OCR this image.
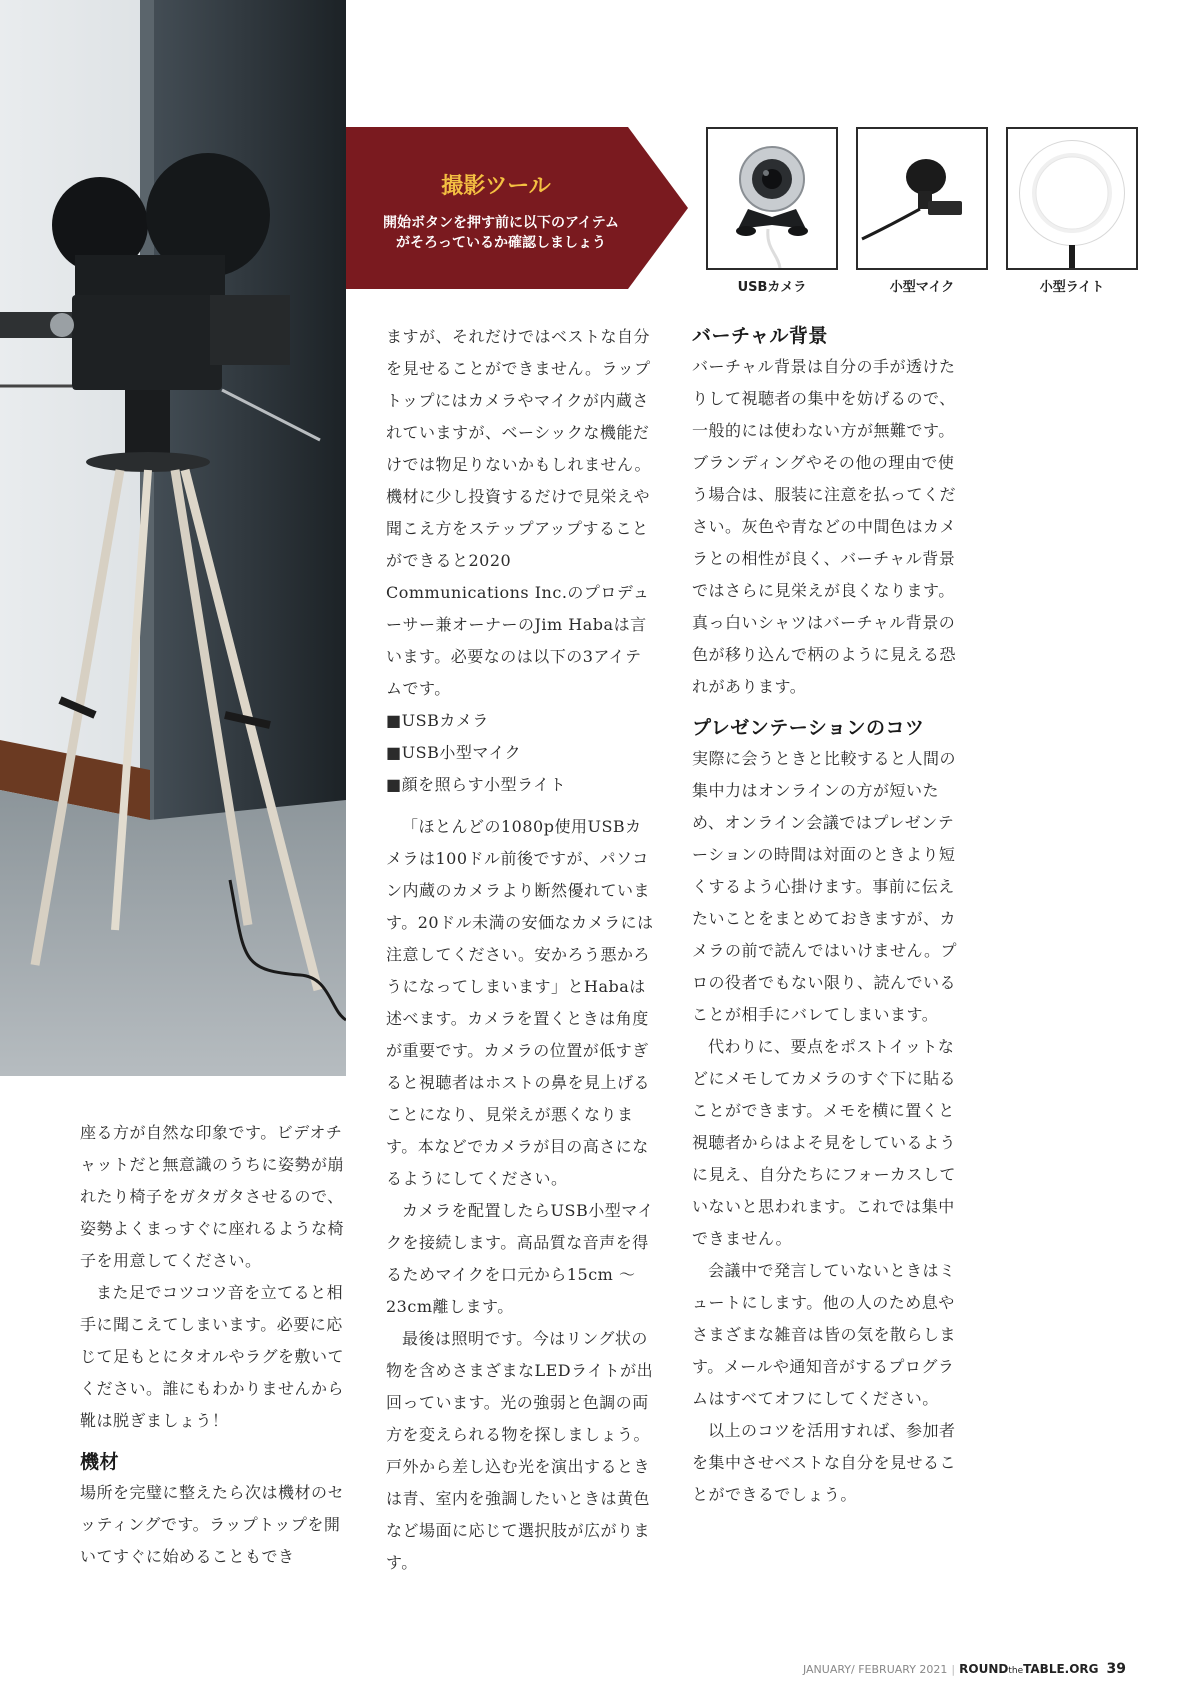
撮影ツール
開始ボタンを押す前に以下のアイテム
がそろっているか確認しましょう
USBカメラ	小型マイク	小型ライト

座る方が自然な印象です。ビデオチャットだと無意識のうちに姿勢が崩れたり椅子をガタガタさせるので、姿勢よくまっすぐに座れるような椅子を用意してください。

また足でコツコツ音を立てると相手に聞こえてしまいます。必要に応じて足もとにタオルやラグを敷いてください。誰にもわかりませんから靴は脱ぎましょう！

機材

場所を完璧に整えたら次は機材のセッティングです。ラップトップを開いてすぐに始めることもでき

ますが、それだけではベストな自分を見せることができません。ラップトップにはカメラやマイクが内蔵されていますが、ベーシックな機能だけでは物足りないかもしれません。機材に少し投資するだけで見栄えや聞こえ方をステップアップすることができると2020 Communications Inc.のプロデューサー兼オーナーのJim Habaは言います。必要なのは以下の3アイテムです。

■USBカメラ

■USB小型マイク

■顔を照らす小型ライト

「ほとんどの1080p使用USBカメラは100ドル前後ですが、パソコン内蔵のカメラより断然優れています。20ドル未満の安価なカメラには注意してください。安かろう悪かろうになってしまいます」とHabaは述べます。カメラを置くときは角度が重要です。カメラの位置が低すぎると視聴者はホストの鼻を見上げることになり、見栄えが悪くなります。本などでカメラが目の高さになるようにしてください。

カメラを配置したらUSB小型マイクを接続します。高品質な音声を得るためマイクを口元から15cm ～ 23cm離します。

最後は照明です。今はリング状の物を含めさまざまなLEDライトが出回っています。光の強弱と色調の両方を変えられる物を探しましょう。戸外から差し込む光を演出するときは青、室内を強調したいときは黄色など場面に応じて選択肢が広がります。

バーチャル背景

バーチャル背景は自分の手が透けたりして視聴者の集中を妨げるので、一般的には使わない方が無難です。ブランディングやその他の理由で使う場合は、服装に注意を払ってください。灰色や青などの中間色はカメラとの相性が良く、バーチャル背景ではさらに見栄えが良くなります。真っ白いシャツはバーチャル背景の色が移り込んで柄のように見える恐れがあります。

プレゼンテーションのコツ

実際に会うときと比較すると人間の集中力はオンラインの方が短いため、オンライン会議ではプレゼンテーションの時間は対面のときより短くするよう心掛けます。事前に伝えたいことをまとめておきますが、カメラの前で読んではいけません。プロの役者でもない限り、読んでいることが相手にバレてしまいます。

代わりに、要点をポストイットなどにメモしてカメラのすぐ下に貼ることができます。メモを横に置くと視聴者からはよそ見をしているように見え、自分たちにフォーカスしていないと思われます。これでは集中できません。

会議中で発言していないときはミュートにします。他の人のため息やさまざまな雑音は皆の気を散らします。メールや通知音がするプログラムはすべてオフにしてください。

以上のコツを活用すれば、参加者を集中させベストな自分を見せることができるでしょう。

JANUARY/ FEBRUARY 2021 | ROUNDtheTABLE.ORG 39
